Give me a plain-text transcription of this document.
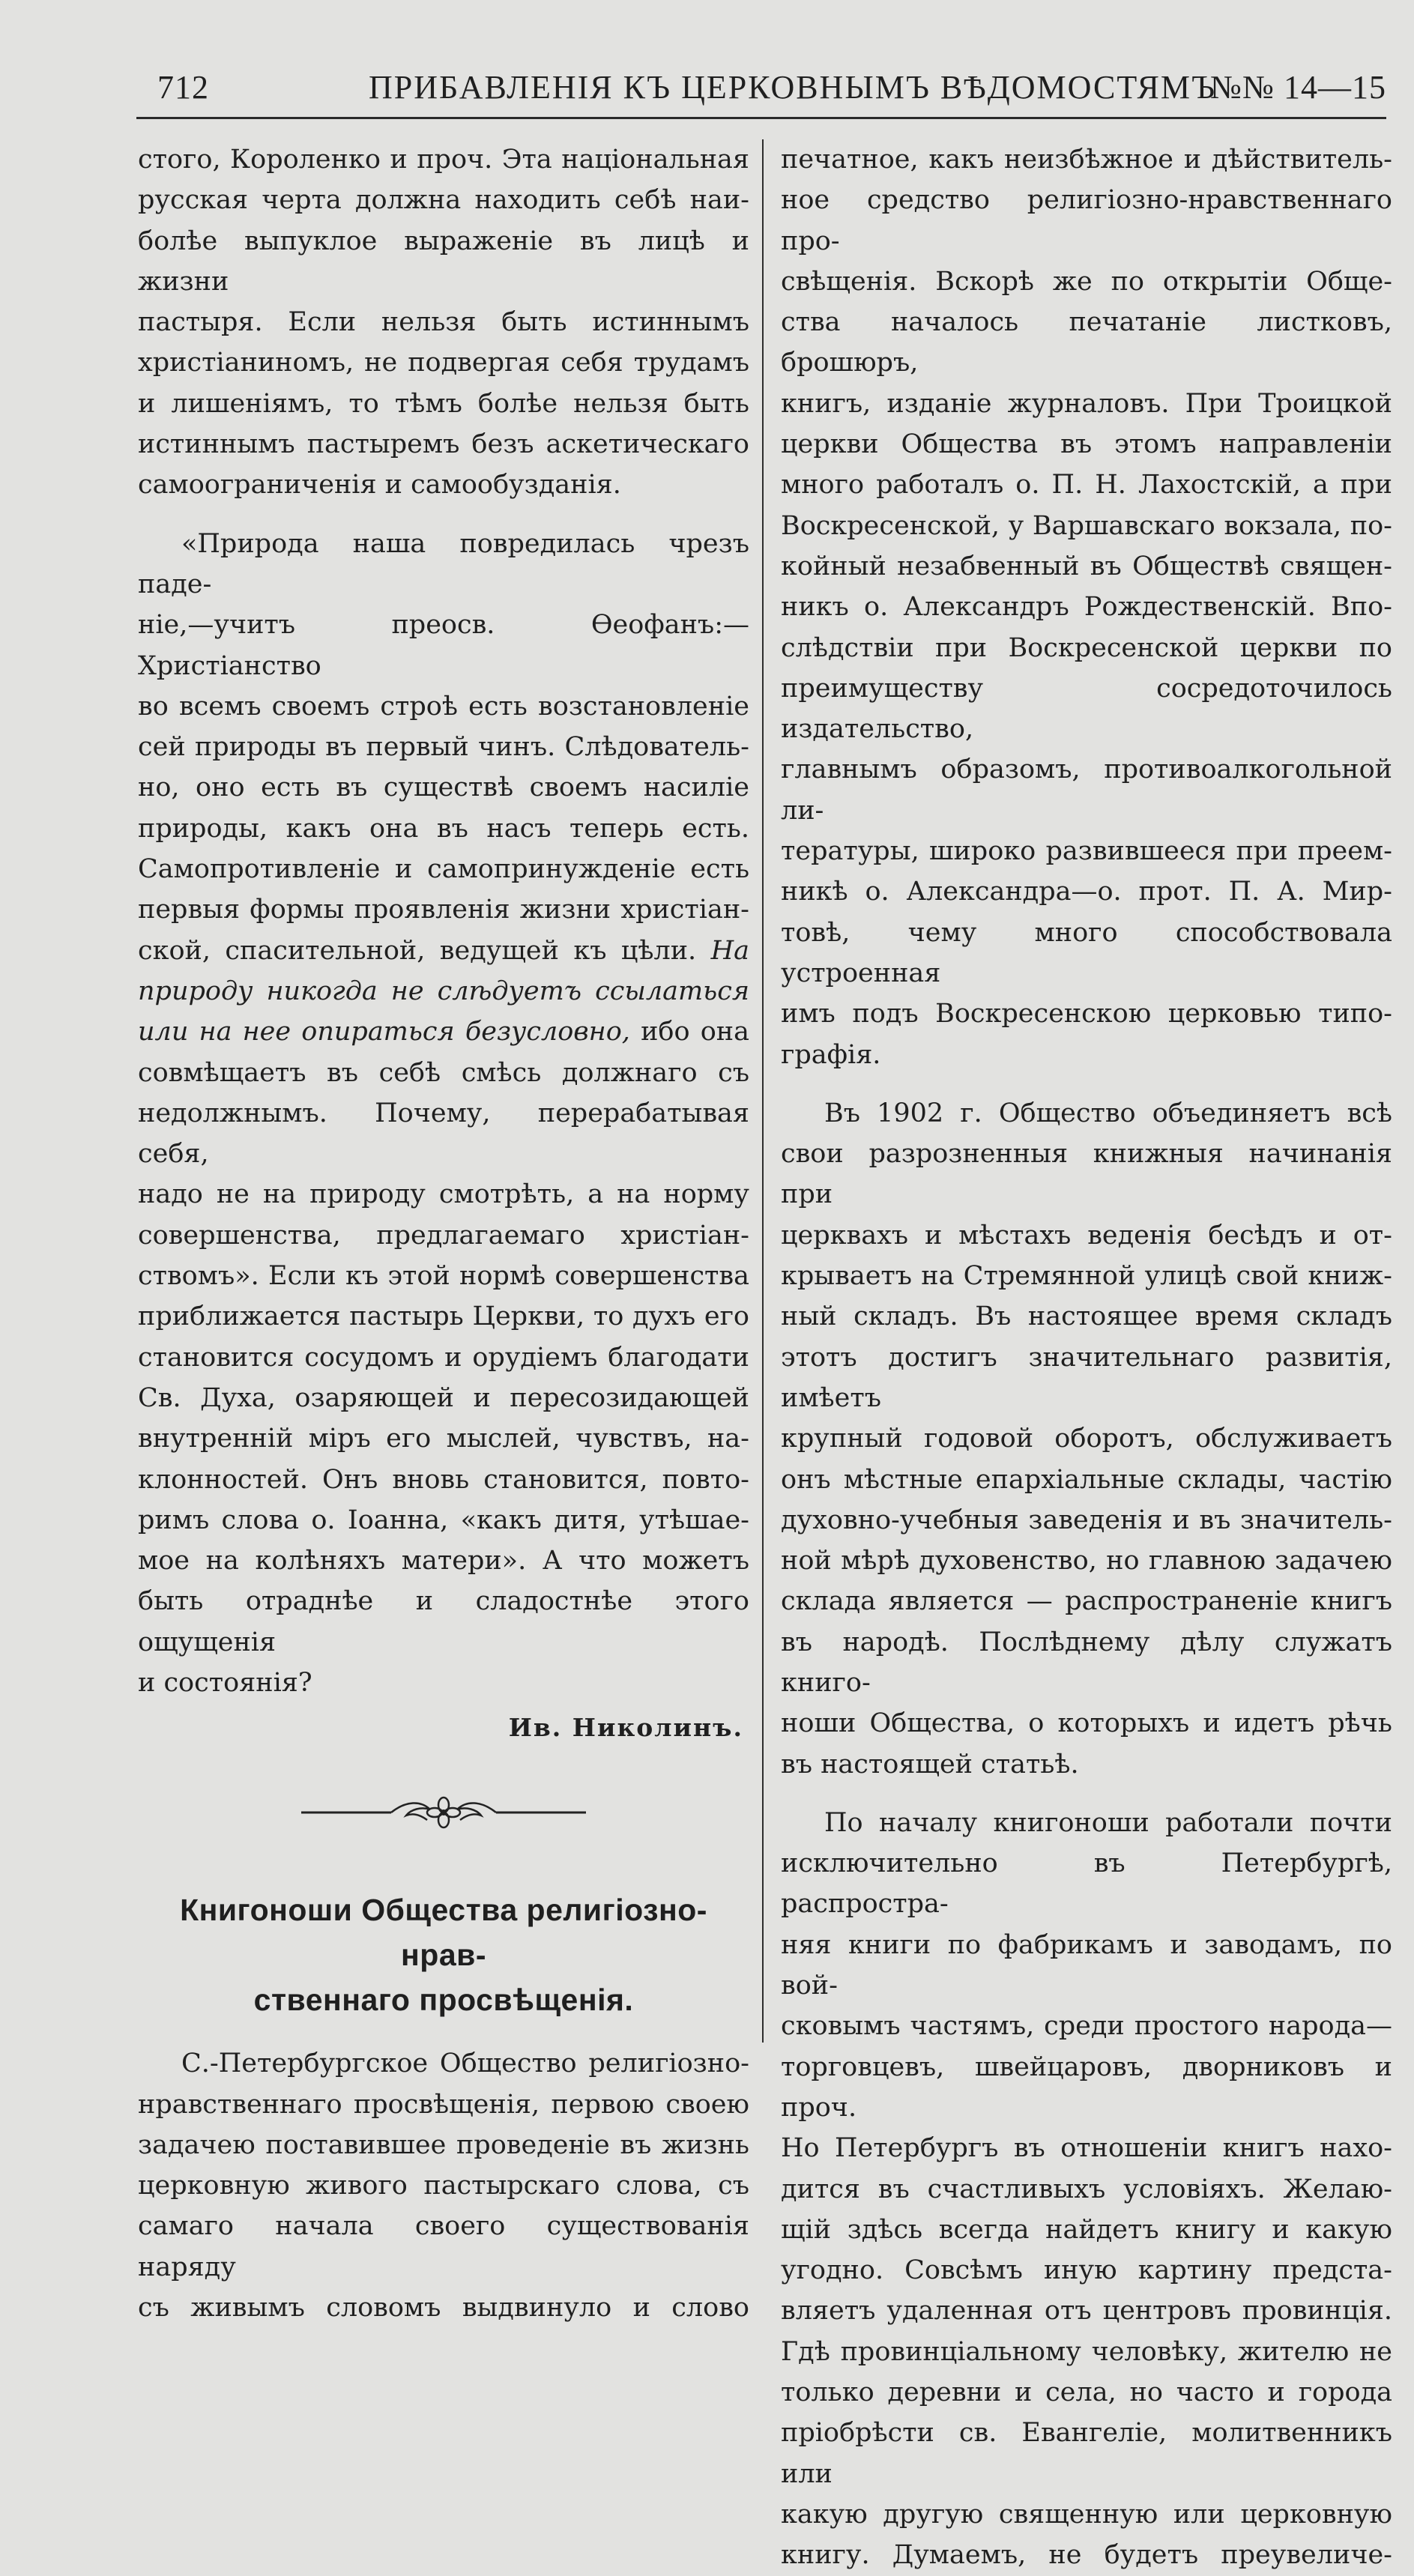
712	ПРИБАВЛЕНІЯ КЪ ЦЕРКОВНЫМЪ ВѢДОМОСТЯМЪ
№№ 14—15

стого, Короленко и проч. Эта національная

русская черта должна находить себѣ наи-

болѣе выпуклое выраженіе въ лицѣ и жизни

пастыря. Если нельзя быть истиннымъ

христіаниномъ, не подвергая себя трудамъ

и лишеніямъ, то тѣмъ болѣе нельзя быть

истиннымъ пастыремъ безъ аскетическаго

самоограниченія и самообузданія.

«Природа наша повредилась чрезъ паде-

ніе,—учитъ преосв. Ѳеофанъ:—Христіанство

во всемъ своемъ строѣ есть возстановленіе

сей природы въ первый чинъ. Слѣдователь-

но, оно есть въ существѣ своемъ насиліе

природы, какъ она въ насъ теперь есть.

Самопротивленіе и самопринужденіе есть

первыя формы проявленія жизни христіан-

ской, спасительной, ведущей къ цѣли. На

природу никогда не слѣдуетъ ссылаться

или на нее опираться безусловно, ибо она

совмѣщаетъ въ себѣ смѣсь должнаго съ

недолжнымъ. Почему, перерабатывая себя,

надо не на природу смотрѣть, а на норму

совершенства, предлагаемаго христіан-

ствомъ». Если къ этой нормѣ совершенства

приближается пастырь Церкви, то духъ его

становится сосудомъ и орудіемъ благодати

Св. Духа, озаряющей и пересозидающей

внутренній міръ его мыслей, чувствъ, на-

клонностей. Онъ вновь становится, повто-

римъ слова о. Іоанна, «какъ дитя, утѣшае-

мое на колѣняхъ матери». А что можетъ

быть отраднѣе и сладостнѣе этого ощущенія

и состоянія?

Ив. Николинъ.
Книгоноши Общества религіозно-нрав-
ственнаго просвѣщенія.

С.-Петербургское Общество религіозно-

нравственнаго просвѣщенія, первою своею

задачею поставившее проведеніе въ жизнь

церковную живого пастырскаго слова, съ

самаго начала своего существованія наряду

съ живымъ словомъ выдвинуло и слово

печатное, какъ неизбѣжное и дѣйствитель-

ное средство религіозно-нравственнаго про-

свѣщенія. Вскорѣ же по открытіи Обще-

ства началось печатаніе листковъ, брошюръ,

книгъ, изданіе журналовъ. При Троицкой

церкви Общества въ этомъ направленіи

много работалъ о. П. Н. Лахостскій, а при

Воскресенской, у Варшавскаго вокзала, по-

койный незабвенный въ Обществѣ священ-

никъ о. Александръ Рождественскій. Впо-

слѣдствіи при Воскресенской церкви по

преимуществу сосредоточилось издательство,

главнымъ образомъ, противоалкогольной ли-

тературы, широко развившееся при преем-

никѣ о. Александра—о. прот. П. А. Мир-

товѣ, чему много способствовала устроенная

имъ подъ Воскресенскою церковью типо-

графія.

Въ 1902 г. Общество объединяетъ всѣ

свои разрозненныя книжныя начинанія при

церквахъ и мѣстахъ веденія бесѣдъ и от-

крываетъ на Стремянной улицѣ свой книж-

ный складъ. Въ настоящее время складъ

этотъ достигъ значительнаго развитія, имѣетъ

крупный годовой оборотъ, обслуживаетъ

онъ мѣстные епархіальные склады, частію

духовно-учебныя заведенія и въ значитель-

ной мѣрѣ духовенство, но главною задачею

склада является — распространеніе книгъ

въ народѣ. Послѣднему дѣлу служатъ книго-

ноши Общества, о которыхъ и идетъ рѣчь

въ настоящей статьѣ.

По началу книгоноши работали почти

исключительно въ Петербургѣ, распростра-

няя книги по фабрикамъ и заводамъ, по вой-

сковымъ частямъ, среди простого народа—

торговцевъ, швейцаровъ, дворниковъ и проч.

Но Петербургъ въ отношеніи книгъ нахо-

дится въ счастливыхъ условіяхъ. Желаю-

щій здѣсь всегда найдетъ книгу и какую

угодно. Совсѣмъ иную картину предста-

вляетъ удаленная отъ центровъ провинція.

Гдѣ провинціальному человѣку, жителю не

только деревни и села, но часто и города

пріобрѣсти св. Евангеліе, молитвенникъ или

какую другую священную или церковную

книгу. Думаемъ, не будетъ преувеличе-
